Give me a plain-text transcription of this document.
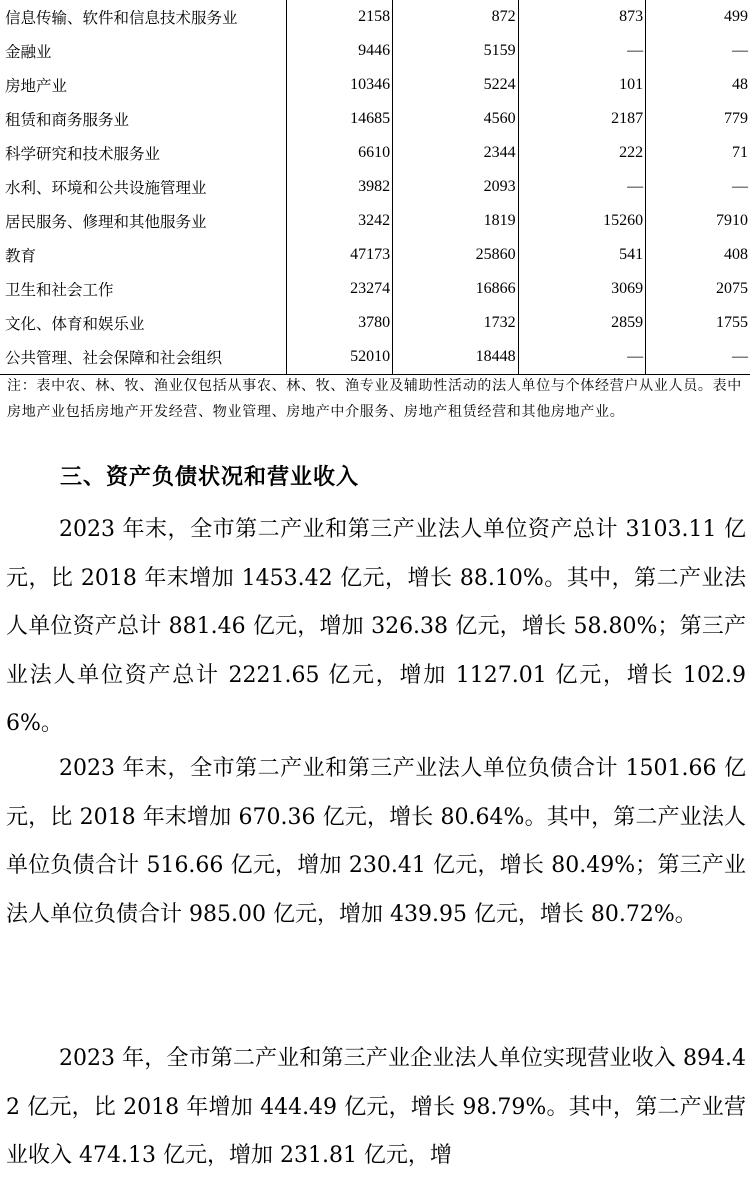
信息传输、软件和信息技术服务业	2158	872	873	499
金融业	9446	5159	—	—
房地产业	10346	5224	101	48
租赁和商务服务业	14685	4560	2187	779
科学研究和技术服务业	6610	2344	222	71
水利、环境和公共设施管理业	3982	2093	—	—
居民服务、修理和其他服务业	3242	1819	15260	7910
教育	47173	25860	541	408
卫生和社会工作	23274	16866	3069	2075
文化、体育和娱乐业	3780	1732	2859	1755
公共管理、社会保障和社会组织	52010	18448	—	—
注：表中农、林、牧、渔业仅包括从事农、林、牧、渔专业及辅助性活动的法人单位与个体经营户从业人员。表中房地产业包括房地产开发经营、物业管理、房地产中介服务、房地产租赁经营和其他房地产业。
三、资产负债状况和营业收入
2023 年末，全市第二产业和第三产业法人单位资产总计 3103.11 亿元，比 2018 年末增加 1453.42 亿元，增长 88.10%。其中，第二产业法人单位资产总计 881.46 亿元，增加 326.38 亿元，增长 58.80%；第三产业法人单位资产总计 2221.65 亿元，增加 1127.01 亿元，增长 102.96%。
2023 年末，全市第二产业和第三产业法人单位负债合计 1501.66 亿元，比 2018 年末增加 670.36 亿元，增长 80.64%。其中，第二产业法人单位负债合计 516.66 亿元，增加 230.41 亿元，增长 80.49%；第三产业法人单位负债合计 985.00 亿元，增加 439.95 亿元，增长 80.72%。
2023 年，全市第二产业和第三产业企业法人单位实现营业收入 894.42 亿元，比 2018 年增加 444.49 亿元，增长 98.79%。其中，第二产业营业收入 474.13 亿元，增加 231.81 亿元，增
